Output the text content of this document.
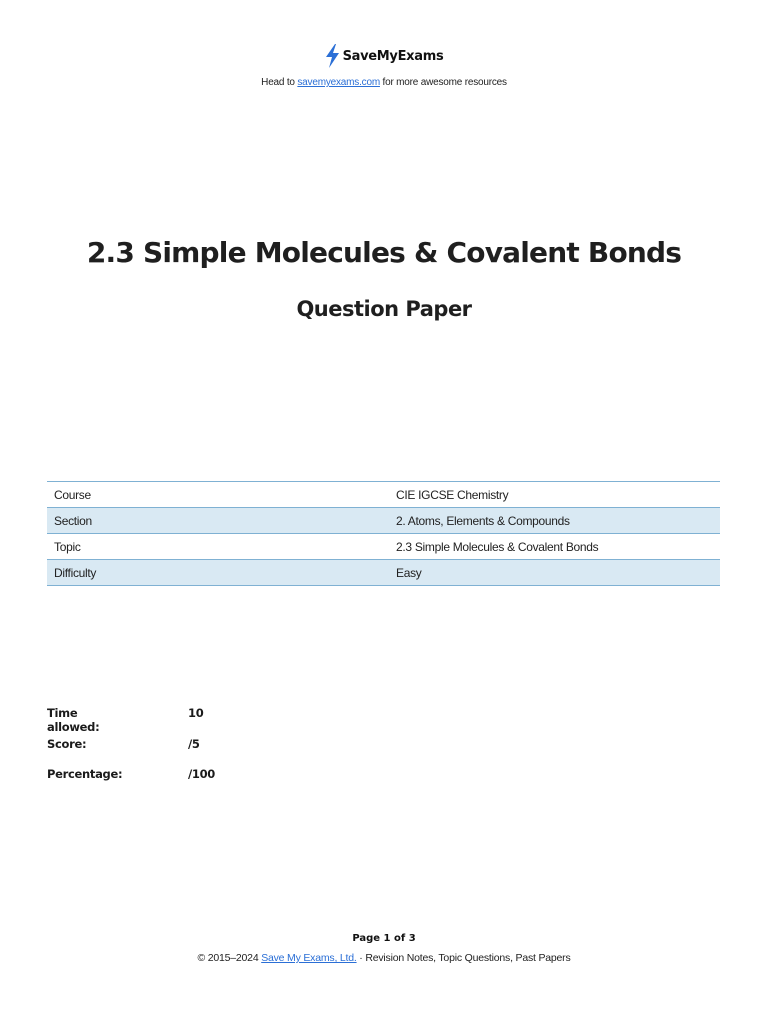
SaveMyExams
Head to savemyexams.com for more awesome resources
2.3 Simple Molecules & Covalent Bonds
Question Paper
Course	CIE IGCSE Chemistry
Section	2. Atoms, Elements & Compounds
Topic	2.3 Simple Molecules & Covalent Bonds
Difficulty	Easy
Time allowed:
10
Score:	/5
Percentage:	/100
Page 1 of 3
© 2015–2024 Save My Exams, Ltd. · Revision Notes, Topic Questions, Past Papers
